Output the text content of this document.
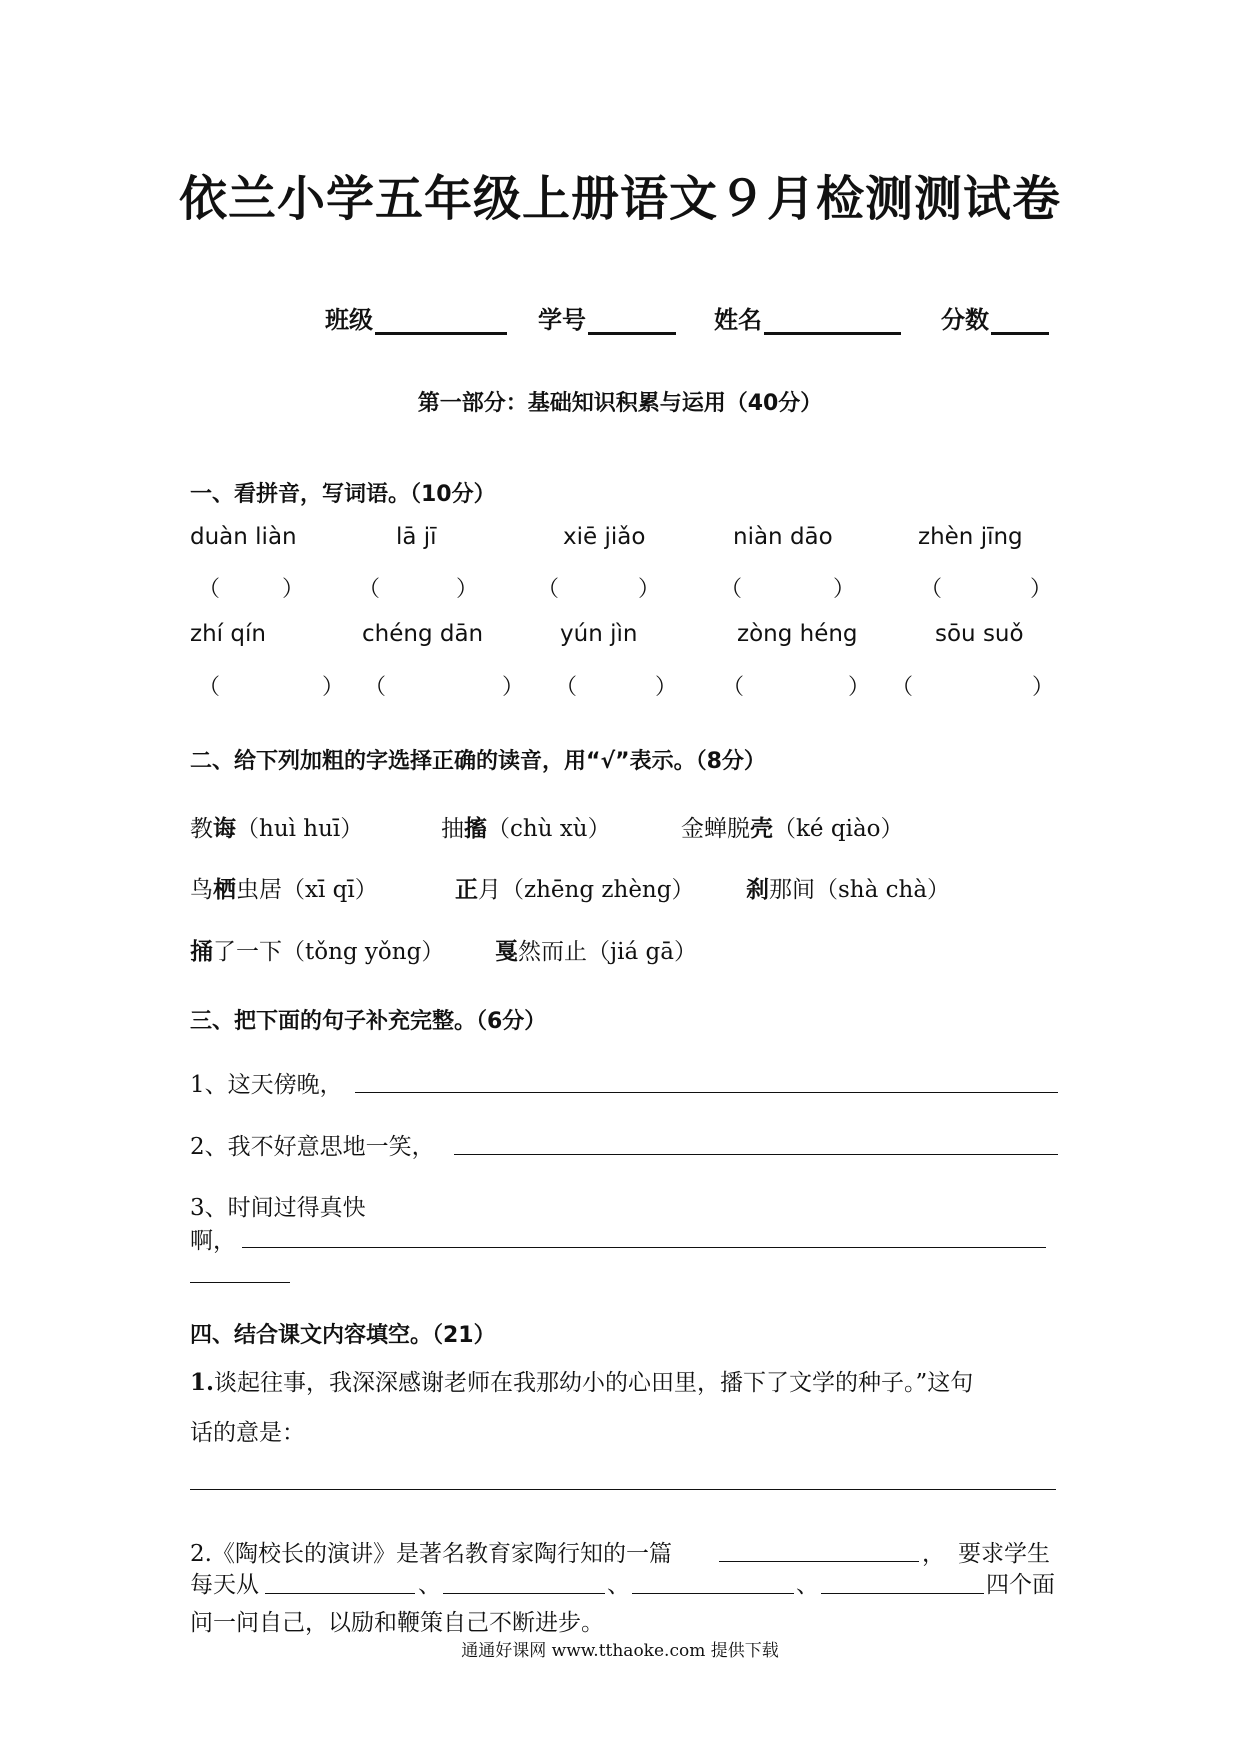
依兰小学五年级上册语文９月检测测试卷
班级	学号	姓名	分数
第一部分：基础知识积累与运用（40分）
一、看拼音，写词语。（10分）
duàn liàn	lā jī	xiē jiǎo	niàn dāo	zhèn jīng
（	） （	）	（	）	（	）	（	）
zhí qín	chéng dān	yún jìn	zòng héng	sōu suǒ
（	） （	） （	） （	） （	）
二、给下列加粗的字选择正确的读音，用“√”表示。（8分）
教诲（huì huī）	抽搐（chù xù）	金蝉脱壳（ké qiào）
鸟栖虫居（xī qī）	正月（zhēng zhèng） 刹那间（shà chà）
捅了一下（tǒng yǒng） 戛然而止（jiá gā）
三、把下面的句子补充完整。（6分）
1、这天傍晚，
2、我不好意思地一笑，
3、时间过得真快
啊，
四、结合课文内容填空。（21）
1.谈起往事，我深深感谢老师在我那幼小的心田里，播下了文学的种子。”这句
话的意是：
2.《陶校长的演讲》是著名教育家陶行知的一篇	， 要求学生
每天从	、	、	、	四个面
问一问自己，以励和鞭策自己不断进步。
通通好课网 www.tthaoke.com 提供下载
